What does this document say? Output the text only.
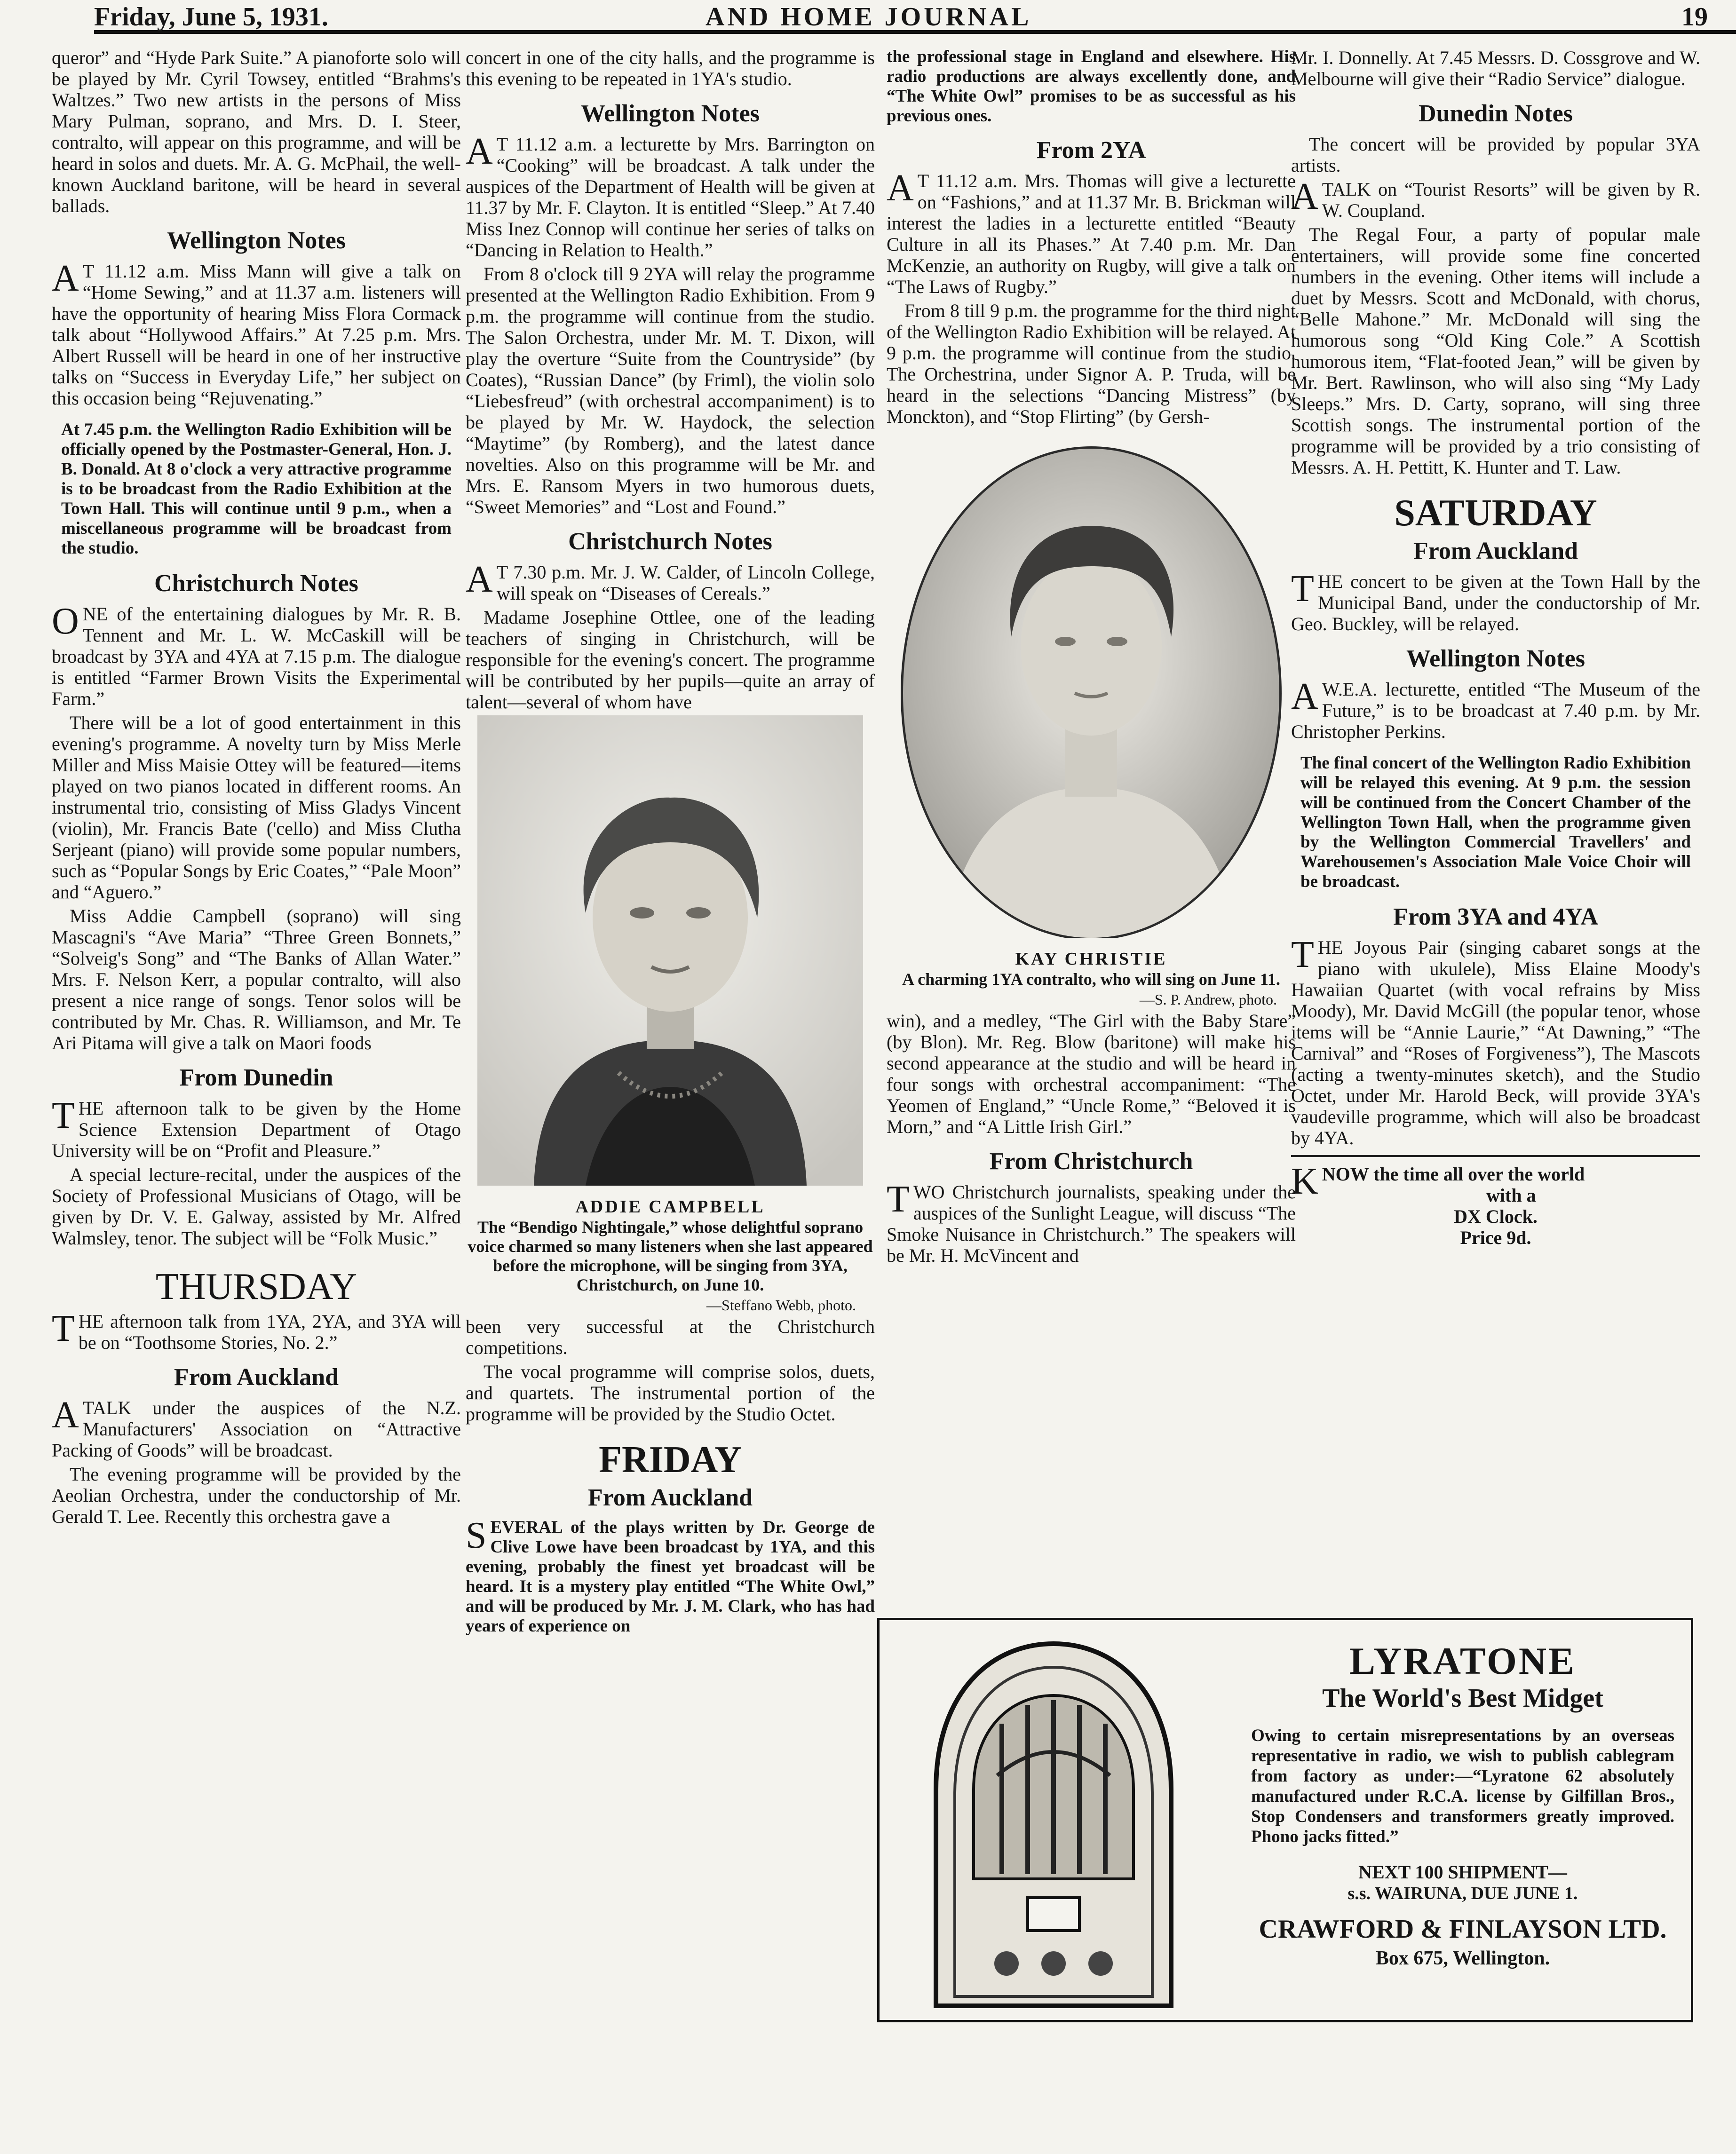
Friday, June 5, 1931.	AND HOME JOURNAL	19

queror” and “Hyde Park Suite.” A pianoforte solo will be played by Mr. Cyril Towsey, entitled “Brahms's Waltzes.” Two new artists in the persons of Miss Mary Pulman, soprano, and Mrs. D. I. Steer, contralto, will appear on this programme, and will be heard in solos and duets. Mr. A. G. McPhail, the well-known Auckland baritone, will be heard in several ballads.

Wellington Notes

A T 11.12 a.m. Miss Mann will give a talk on “Home Sewing,” and at 11.37 a.m. listeners will have the opportunity of hearing Miss Flora Cormack talk about “Hollywood Affairs.” At 7.25 p.m. Mrs. Albert Russell will be heard in one of her instructive talks on “Success in Everyday Life,” her subject on this occasion being “Rejuvenating.”

At 7.45 p.m. the Wellington Radio Exhibition will be officially opened by the Postmaster-General, Hon. J. B. Donald. At 8 o'clock a very attractive programme is to be broadcast from the Radio Exhibition at the Town Hall. This will continue until 9 p.m., when a miscellaneous programme will be broadcast from the studio.

Christchurch Notes

ONE of the entertaining dialogues by Mr. R. B. Tennent and Mr. L. W. McCaskill will be broadcast by 3YA and 4YA at 7.15 p.m. The dialogue is entitled “Farmer Brown Visits the Experimental Farm.”

There will be a lot of good entertainment in this evening's programme. A novelty turn by Miss Merle Miller and Miss Maisie Ottey will be featured—items played on two pianos located in different rooms. An instrumental trio, consisting of Miss Gladys Vincent (violin), Mr. Francis Bate ('cello) and Miss Clutha Serjeant (piano) will provide some popular numbers, such as “Popular Songs by Eric Coates,” “Pale Moon” and “Aguero.”

Miss Addie Campbell (soprano) will sing Mascagni's “Ave Maria” “Three Green Bonnets,” “Solveig's Song” and “The Banks of Allan Water.” Mrs. F. Nelson Kerr, a popular contralto, will also present a nice range of songs. Tenor solos will be contributed by Mr. Chas. R. Williamson, and Mr. Te Ari Pitama will give a talk on Maori foods

From Dunedin

THE afternoon talk to be given by the Home Science Extension Department of Otago University will be on “Profit and Pleasure.”

A special lecture-recital, under the auspices of the Society of Professional Musicians of Otago, will be given by Dr. V. E. Galway, assisted by Mr. Alfred Walmsley, tenor. The subject will be “Folk Music.”

THURSDAY

THE afternoon talk from 1YA, 2YA, and 3YA will be on “Toothsome Stories, No. 2.”

From Auckland

ATALK under the auspices of the N.Z. Manufacturers' Association on “Attractive Packing of Goods” will be broadcast.

The evening programme will be provided by the Aeolian Orchestra, under the conductorship of Mr. Gerald T. Lee. Recently this orchestra gave a

concert in one of the city halls, and the programme is this evening to be repeated in 1YA's studio.

Wellington Notes

A T 11.12 a.m. a lecturette by Mrs. Barrington on “Cooking” will be broadcast. A talk under the auspices of the Department of Health will be given at 11.37 by Mr. F. Clayton. It is entitled “Sleep.” At 7.40 Miss Inez Connop will continue her series of talks on “Dancing in Relation to Health.”

From 8 o'clock till 9 2YA will relay the programme presented at the Wellington Radio Exhibition. From 9 p.m. the programme will continue from the studio. The Salon Orchestra, under Mr. M. T. Dixon, will play the overture “Suite from the Countryside” (by Coates), “Russian Dance” (by Friml), the violin solo “Liebesfreud” (with orchestral accompaniment) is to be played by Mr. W. Haydock, the selection “Maytime” (by Romberg), and the latest dance novelties. Also on this programme will be Mr. and Mrs. E. Ransom Myers in two humorous duets, “Sweet Memories” and “Lost and Found.”

Christchurch Notes

A T 7.30 p.m. Mr. J. W. Calder, of Lincoln College, will speak on “Diseases of Cereals.”

Madame Josephine Ottlee, one of the leading teachers of singing in Christchurch, will be responsible for the evening's concert. The programme will be contributed by her pupils—quite an array of talent—several of whom have

ADDIE CAMPBELL
The “Bendigo Nightingale,” whose delightful soprano voice charmed so many listeners when she last appeared before the microphone, will be singing from 3YA, Christchurch, on June 10.
—Steffano Webb, photo.

been very successful at the Christchurch competitions.

The vocal programme will comprise solos, duets, and quartets. The instrumental portion of the programme will be provided by the Studio Octet.

FRIDAY
From Auckland

SEVERAL of the plays written by Dr. George de Clive Lowe have been broadcast by 1YA, and this evening, probably the finest yet broadcast will be heard. It is a mystery play entitled “The White Owl,” and will be produced by Mr. J. M. Clark, who has had years of experience on

the professional stage in England and elsewhere. His radio productions are always excellently done, and “The White Owl” promises to be as successful as his previous ones.

From 2YA

A T 11.12 a.m. Mrs. Thomas will give a lecturette on “Fashions,” and at 11.37 Mr. B. Brickman will interest the ladies in a lecturette entitled “Beauty Culture in all its Phases.” At 7.40 p.m. Mr. Dan McKenzie, an authority on Rugby, will give a talk on “The Laws of Rugby.”

From 8 till 9 p.m. the programme for the third night of the Wellington Radio Exhibition will be relayed. At 9 p.m. the programme will continue from the studio. The Orchestrina, under Signor A. P. Truda, will be heard in the selections “Dancing Mistress” (by Monckton), and “Stop Flirting” (by Gersh-

KAY CHRISTIE
A charming 1YA contralto, who will sing on June 11.
—S. P. Andrew, photo.

win), and a medley, “The Girl with the Baby Stare” (by Blon). Mr. Reg. Blow (baritone) will make his second appearance at the studio and will be heard in four songs with orchestral accompaniment: “The Yeomen of England,” “Uncle Rome,” “Beloved it is Morn,” and “A Little Irish Girl.”

From Christchurch

TWO Christchurch journalists, speaking under the auspices of the Sunlight League, will discuss “The Smoke Nuisance in Christchurch.” The speakers will be Mr. H. McVincent and

Mr. I. Donnelly. At 7.45 Messrs. D. Cossgrove and W. Melbourne will give their “Radio Service” dialogue.

Dunedin Notes

The concert will be provided by popular 3YA artists.

ATALK on “Tourist Resorts” will be given by R. W. Coupland.

The Regal Four, a party of popular male entertainers, will provide some fine concerted numbers in the evening. Other items will include a duet by Messrs. Scott and McDonald, with chorus, “Belle Mahone.” Mr. McDonald will sing the humorous song “Old King Cole.” A Scottish humorous item, “Flat-footed Jean,” will be given by Mr. Bert. Rawlinson, who will also sing “My Lady Sleeps.” Mrs. D. Carty, soprano, will sing three Scottish songs. The instrumental portion of the programme will be provided by a trio consisting of Messrs. A. H. Pettitt, K. Hunter and T. Law.

SATURDAY
From Auckland

THE concert to be given at the Town Hall by the Municipal Band, under the conductorship of Mr. Geo. Buckley, will be relayed.

Wellington Notes

A W.E.A. lecturette, entitled “The Museum of the Future,” is to be broadcast at 7.40 p.m. by Mr. Christopher Perkins.

The final concert of the Wellington Radio Exhibition will be relayed this evening. At 9 p.m. the session will be continued from the Concert Chamber of the Wellington Town Hall, when the programme given by the Wellington Commercial Travellers' and Warehousemen's Association Male Voice Choir will be broadcast.

From 3YA and 4YA

THE Joyous Pair (singing cabaret songs at the piano with ukulele), Miss Elaine Moody's Hawaiian Quartet (with vocal refrains by Miss Moody), Mr. David McGill (the popular tenor, whose items will be “Annie Laurie,” “At Dawning,” “The Carnival” and “Roses of Forgiveness”), The Mascots (acting a twenty-minutes sketch), and the Studio Octet, under Mr. Harold Beck, will provide 3YA's vaudeville programme, which will also be broadcast by 4YA.

KNOW the time all over the world
with a
DX Clock.
Price 9d.
LYRATONE
The World's Best Midget
Owing to certain misrepresentations by an overseas representative in radio, we wish to publish cablegram from factory as under:—“Lyratone 62 absolutely manufactured under R.C.A. license by Gilfillan Bros., Stop Condensers and transformers greatly improved. Phono jacks fitted.”
NEXT 100 SHIPMENT—
s.s. WAIRUNA, DUE JUNE 1.
CRAWFORD & FINLAYSON LTD.
Box 675, Wellington.
